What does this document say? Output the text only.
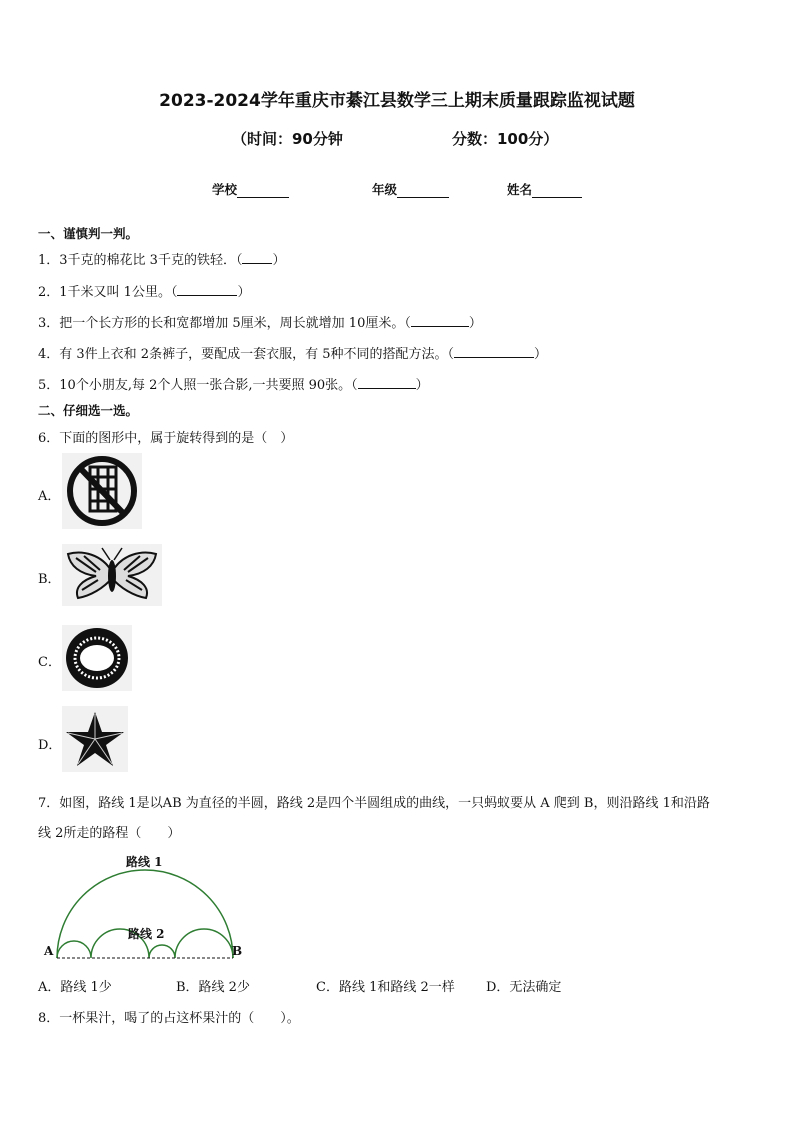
2023-2024学年重庆市綦江县数学三上期末质量跟踪监视试题
（时间：90分钟	分数：100分）
学校	年级	姓名
一、谨慎判一判。
1．3千克的棉花比 3千克的铁轻．（ ）
2．1千米又叫 1公里。（	）
3．把一个长方形的长和宽都增加 5厘米，周长就增加 10厘米。（	）
4．有 3件上衣和 2条裤子，要配成一套衣服，有 5种不同的搭配方法。（	）
5．10个小朋友,每 2个人照一张合影,一共要照 90张。（	）
二、仔细选一选。
6．下面的图形中，属于旋转得到的是（　）
A．
B．
C．
D．
7．如图，路线 1是以AB 为直径的半圆，路线 2是四个半圆组成的曲线，一只蚂蚁要从 A 爬到 B，则沿路线 1和沿路
线 2所走的路程（　　）
路线 1
路线 2
A	B
A．路线 1少	B．路线 2少	C．路线 1和路线 2一样 D．无法确定
8．一杯果汁，喝了的占这杯果汁的（　　）。
